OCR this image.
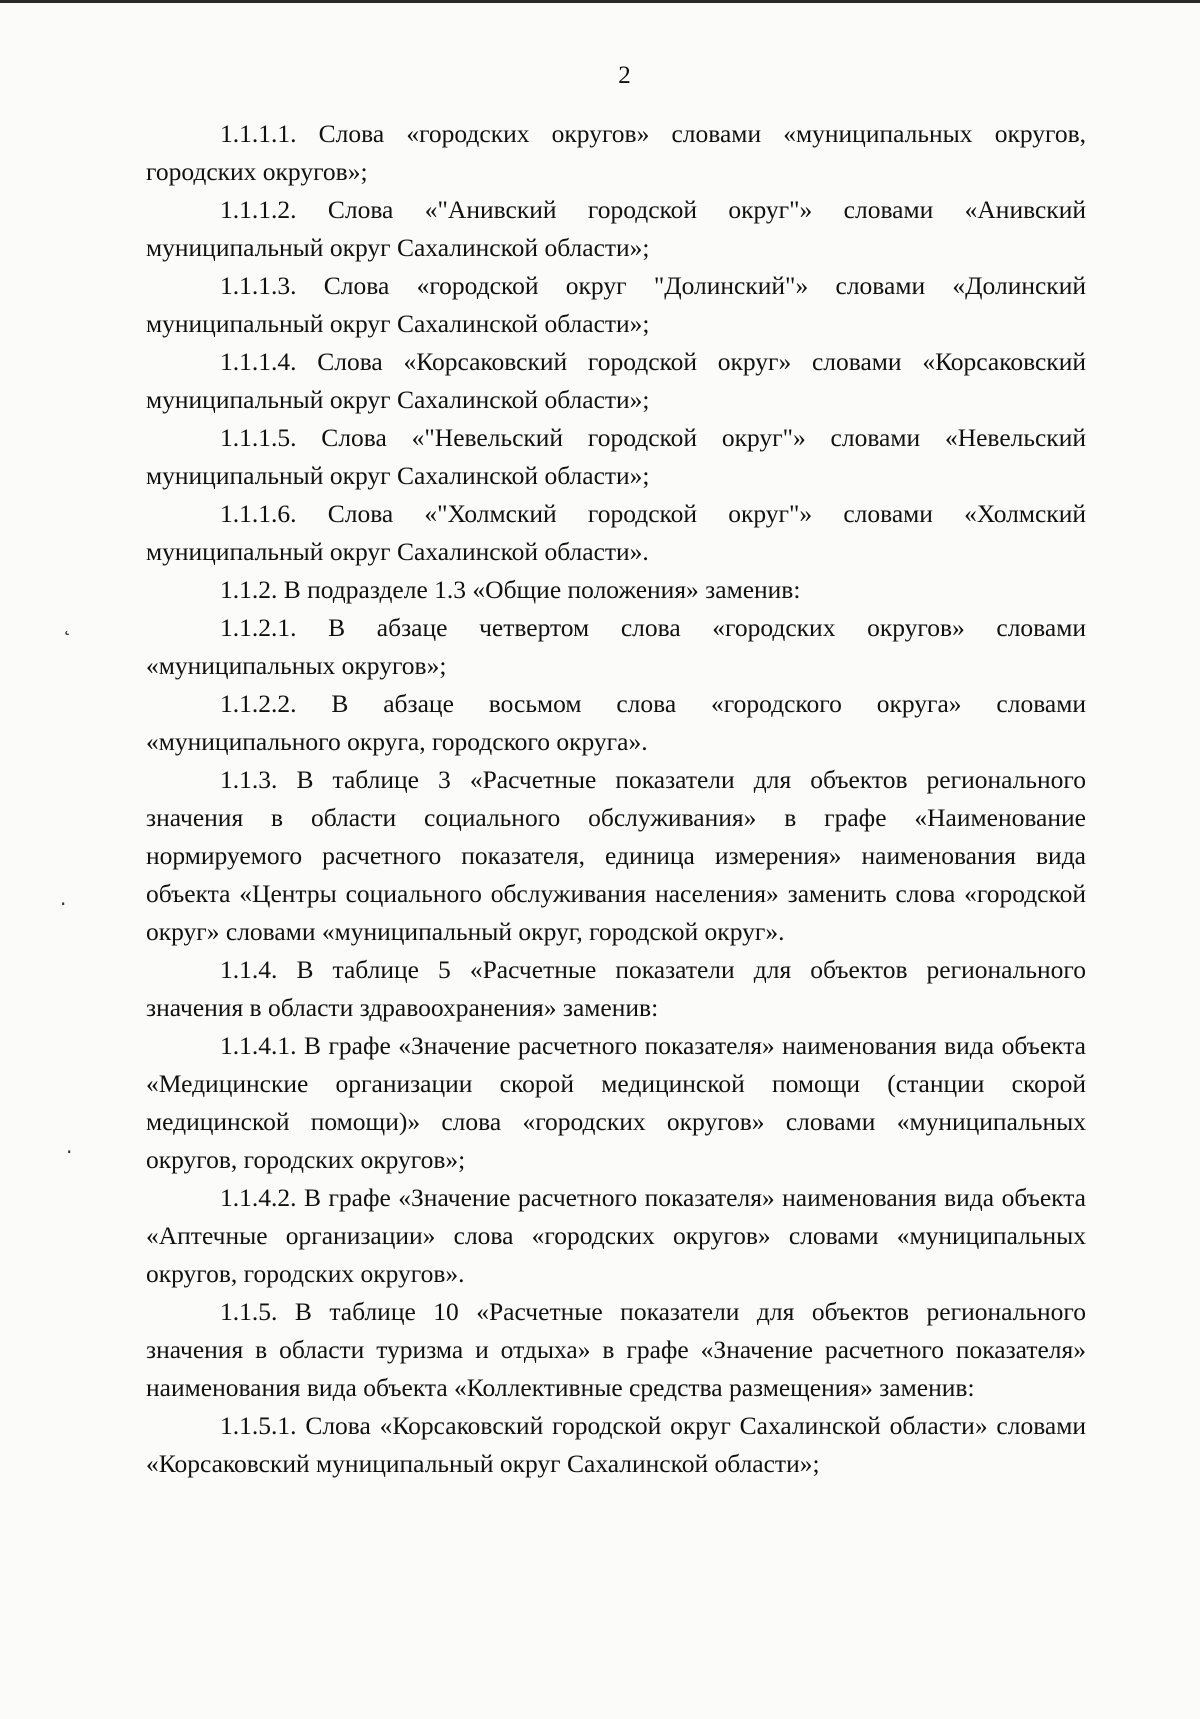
2

1.1.1.1. Слова «городских округов» словами «муниципальных округов, городских округов»;

1.1.1.2. Слова «"Анивский городской округ"» словами «Анивский муниципальный округ Сахалинской области»;

1.1.1.3. Слова «городской округ "Долинский"» словами «Долинский муниципальный округ Сахалинской области»;

1.1.1.4. Слова «Корсаковский городской округ» словами «Корсаковский муниципальный округ Сахалинской области»;

1.1.1.5. Слова «"Невельский городской округ"» словами «Невельский муниципальный округ Сахалинской области»;

1.1.1.6. Слова «"Холмский городской округ"» словами «Холмский муниципальный округ Сахалинской области».

1.1.2. В подразделе 1.3 «Общие положения» заменив:

1.1.2.1. В абзаце четвертом слова «городских округов» словами «муниципальных округов»;

1.1.2.2. В абзаце восьмом слова «городского округа» словами «муниципального округа, городского округа».

1.1.3. В таблице 3 «Расчетные показатели для объектов регионального значения в области социального обслуживания» в графе «Наименование нормируемого расчетного показателя, единица измерения» наименования вида объекта «Центры социального обслуживания населения» заменить слова «городской округ» словами «муниципальный округ, городской округ».

1.1.4. В таблице 5 «Расчетные показатели для объектов регионального значения в области здравоохранения» заменив:

1.1.4.1. В графе «Значение расчетного показателя» наименования вида объекта «Медицинские организации скорой медицинской помощи (станции скорой медицинской помощи)» слова «городских округов» словами «муниципальных округов, городских округов»;

1.1.4.2. В графе «Значение расчетного показателя» наименования вида объекта «Аптечные организации» слова «городских округов» словами «муниципальных округов, городских округов».

1.1.5. В таблице 10 «Расчетные показатели для объектов регионального значения в области туризма и отдыха» в графе «Значение расчетного показателя» наименования вида объекта «Коллективные средства размещения» заменив:

1.1.5.1. Слова «Корсаковский городской округ Сахалинской области» словами «Корсаковский муниципальный округ Сахалинской области»;

˛
·
·
